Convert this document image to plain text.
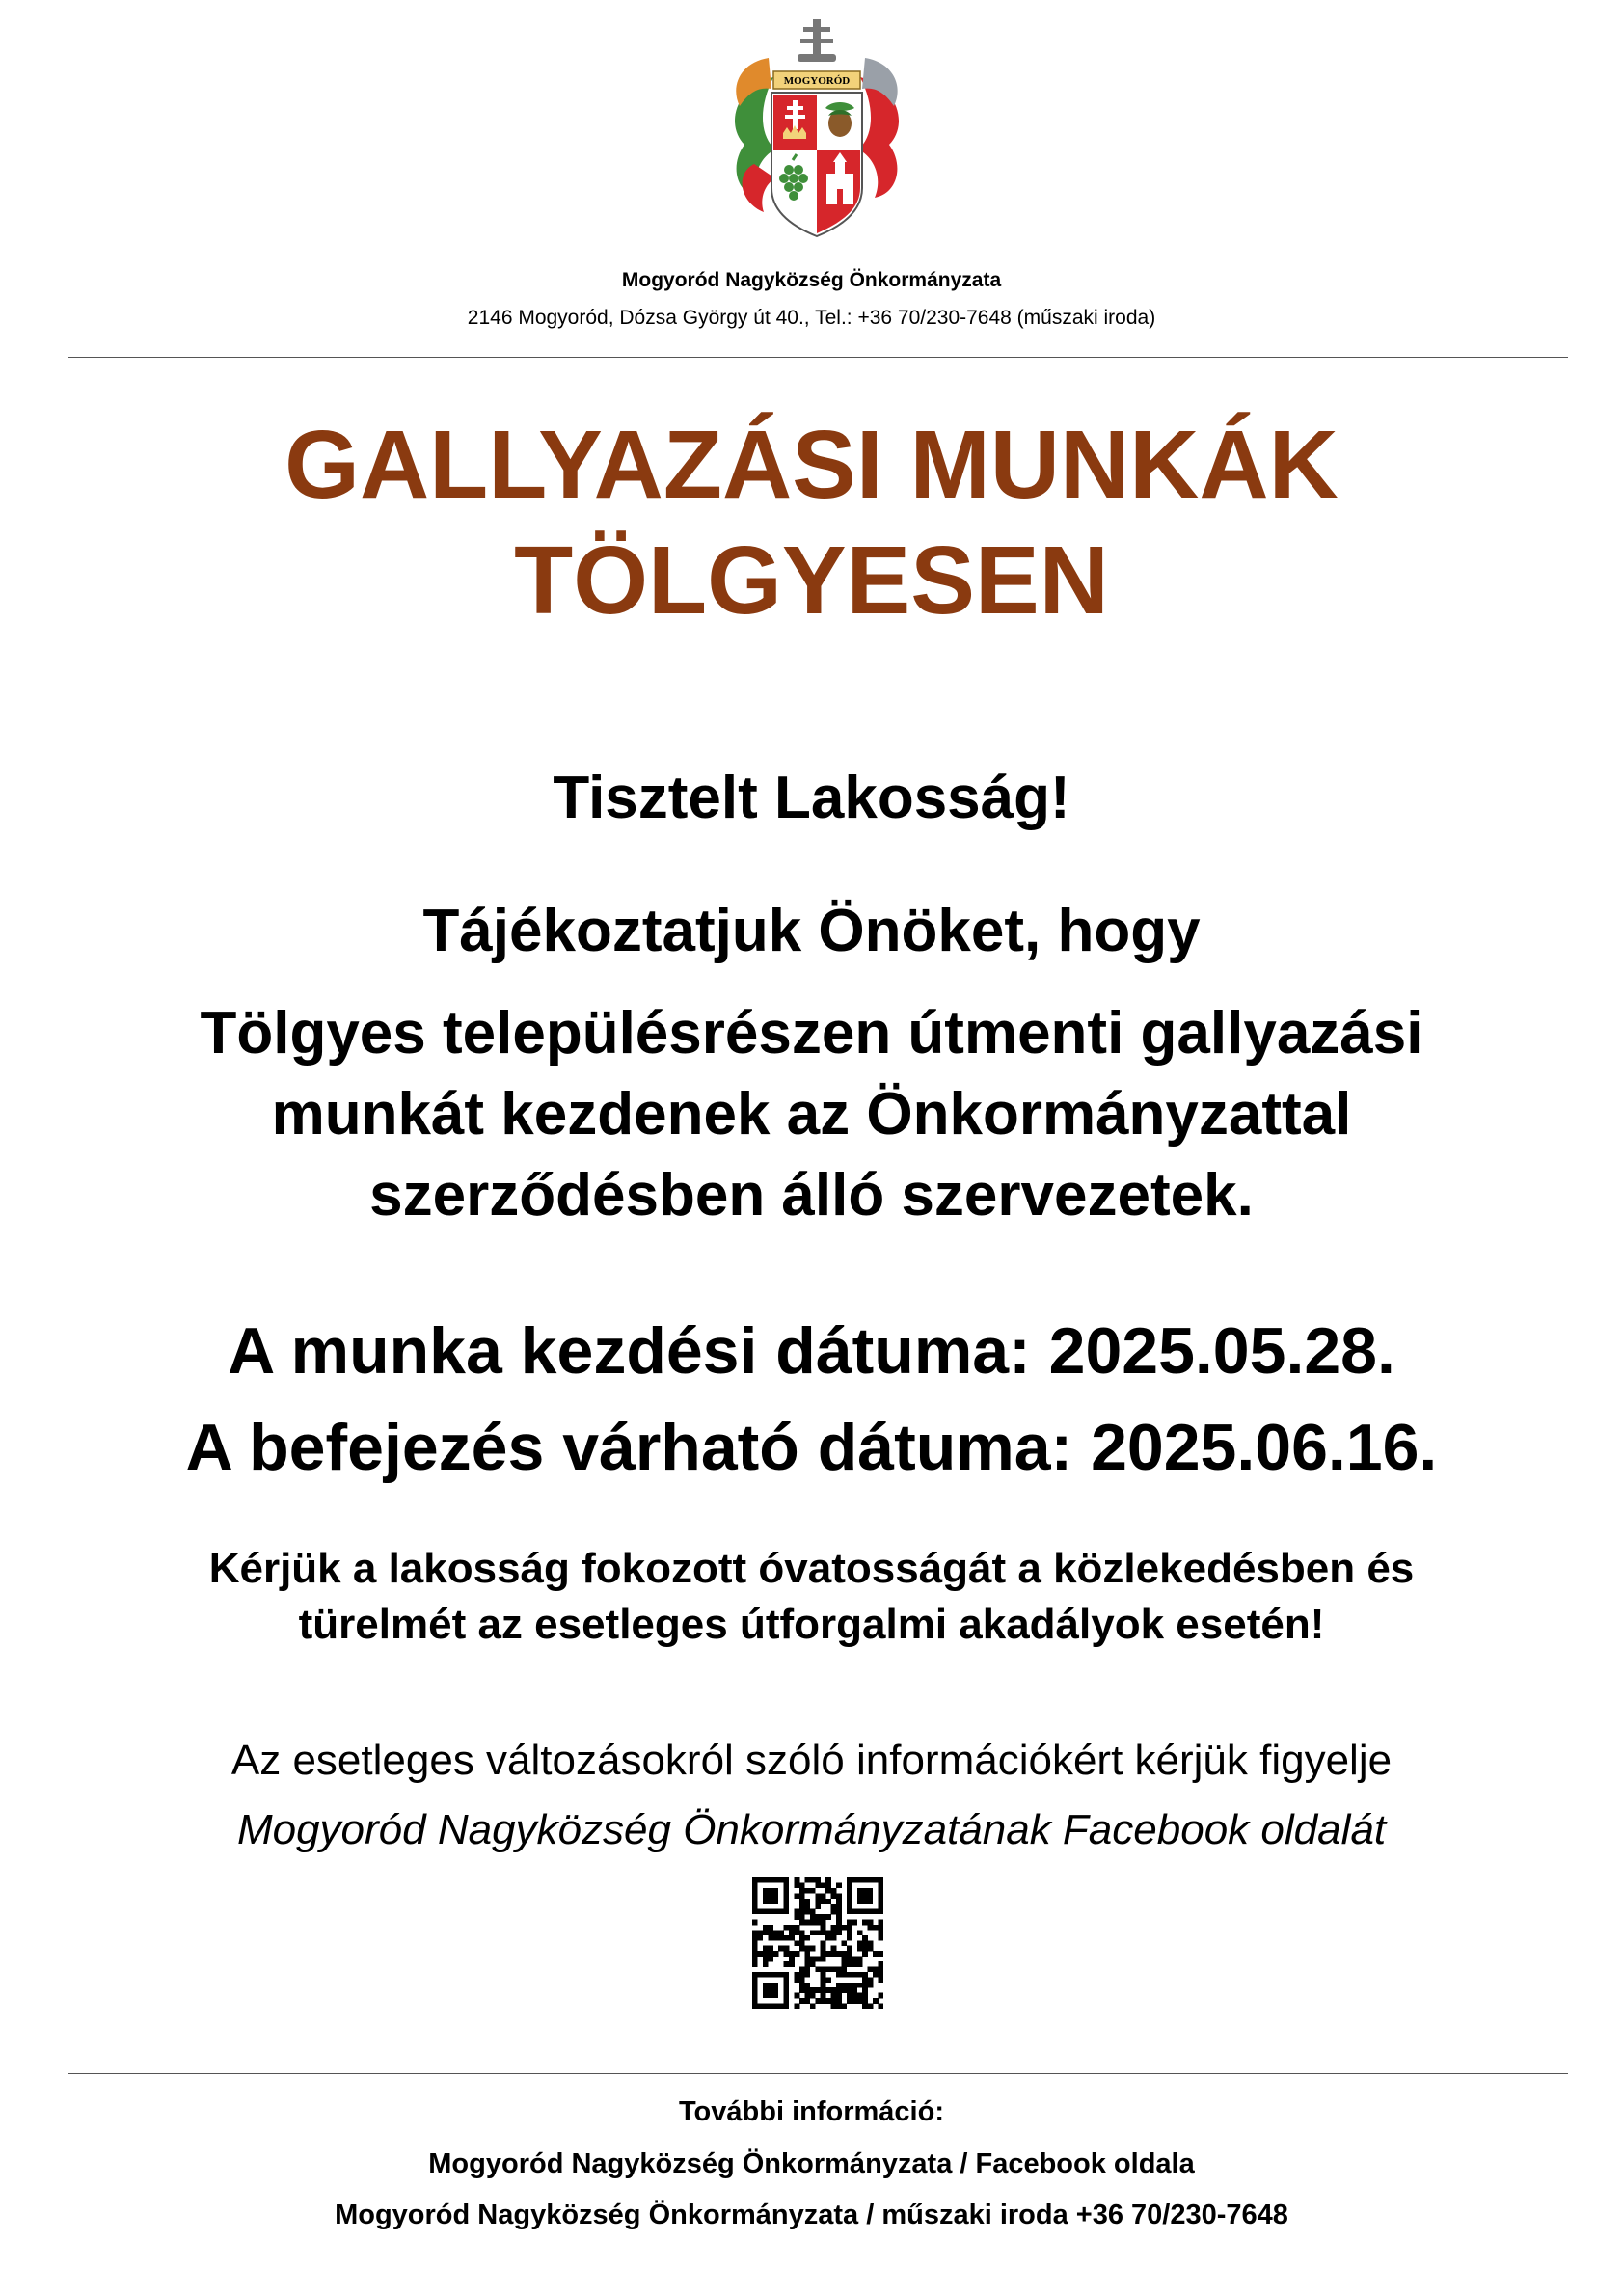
MOGYORÓD
Mogyoród Nagyközség Önkormányzata
2146 Mogyoród, Dózsa György út 40., Tel.: +36 70/230-7648 (műszaki iroda)
GALLYAZÁSI MUNKÁK
TÖLGYESEN
Tisztelt Lakosság!
Tájékoztatjuk Önöket, hogy
Tölgyes településrészen útmenti gallyazási
munkát kezdenek az Önkormányzattal
szerződésben álló szervezetek.
A munka kezdési dátuma: 2025.05.28.
A befejezés várható dátuma: 2025.06.16.
Kérjük a lakosság fokozott óvatosságát a közlekedésben és
türelmét az esetleges útforgalmi akadályok esetén!
Az esetleges változásokról szóló információkért kérjük figyelje
Mogyoród Nagyközség Önkormányzatának Facebook oldalát
További információ:
Mogyoród Nagyközség Önkormányzata / Facebook oldala
Mogyoród Nagyközség Önkormányzata / műszaki iroda +36 70/230-7648
